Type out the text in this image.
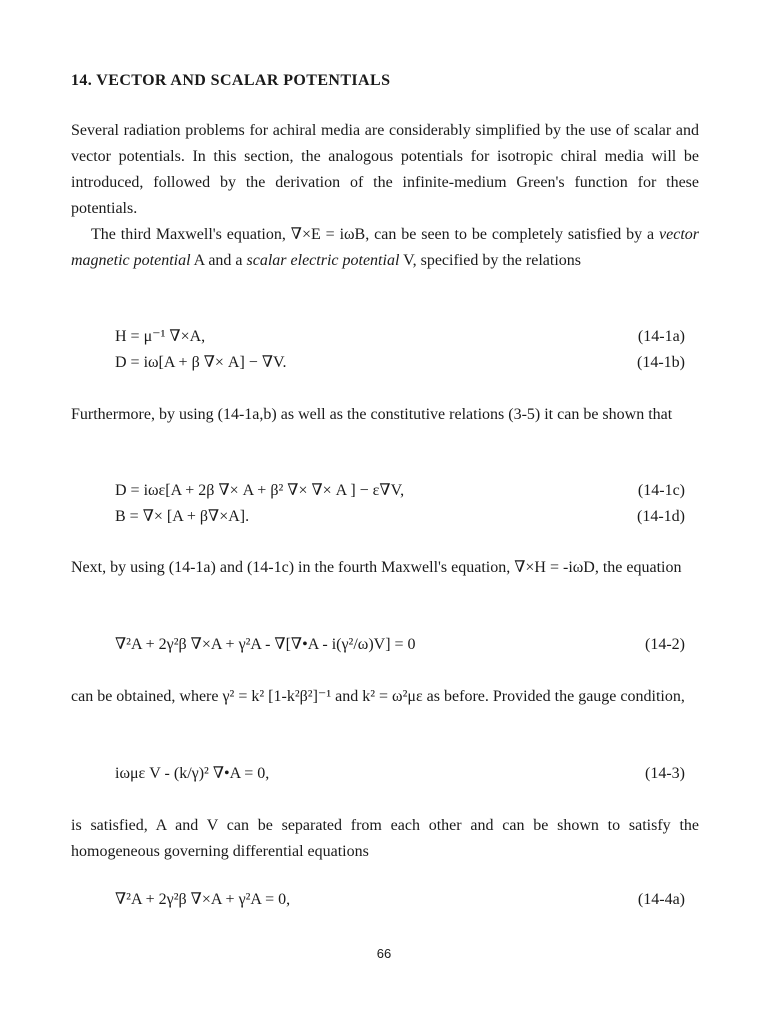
14. VECTOR AND SCALAR POTENTIALS

Several radiation problems for achiral media are considerably simplified by the use of scalar and vector potentials. In this section, the analogous potentials for isotropic chiral media will be introduced, followed by the derivation of the infinite-medium Green's function for these potentials.

The third Maxwell's equation, ∇×E = iωB, can be seen to be completely satisfied by a vector magnetic potential A and a scalar electric potential V, specified by the relations

H = μ⁻¹ ∇×A,	(14-1a)
D = iω[A + β ∇× A] − ∇V.	(14-1b)

Furthermore, by using (14-1a,b) as well as the constitutive relations (3-5) it can be shown that

D = iωε[A + 2β ∇× A + β² ∇× ∇× A ] − ε∇V,	(14-1c)
B = ∇× [A + β∇×A].	(14-1d)

Next, by using (14-1a) and (14-1c) in the fourth Maxwell's equation, ∇×H = -iωD, the equation

∇²A + 2γ²β ∇×A + γ²A - ∇[∇•A - i(γ²/ω)V] = 0	(14-2)

can be obtained, where γ² = k² [1-k²β²]⁻¹ and k² = ω²με as before. Provided the gauge condition,

iωμε V - (k/γ)² ∇•A = 0,	(14-3)

is satisfied, A and V can be separated from each other and can be shown to satisfy the homogeneous governing differential equations

∇²A + 2γ²β ∇×A + γ²A = 0,	(14-4a)
66
